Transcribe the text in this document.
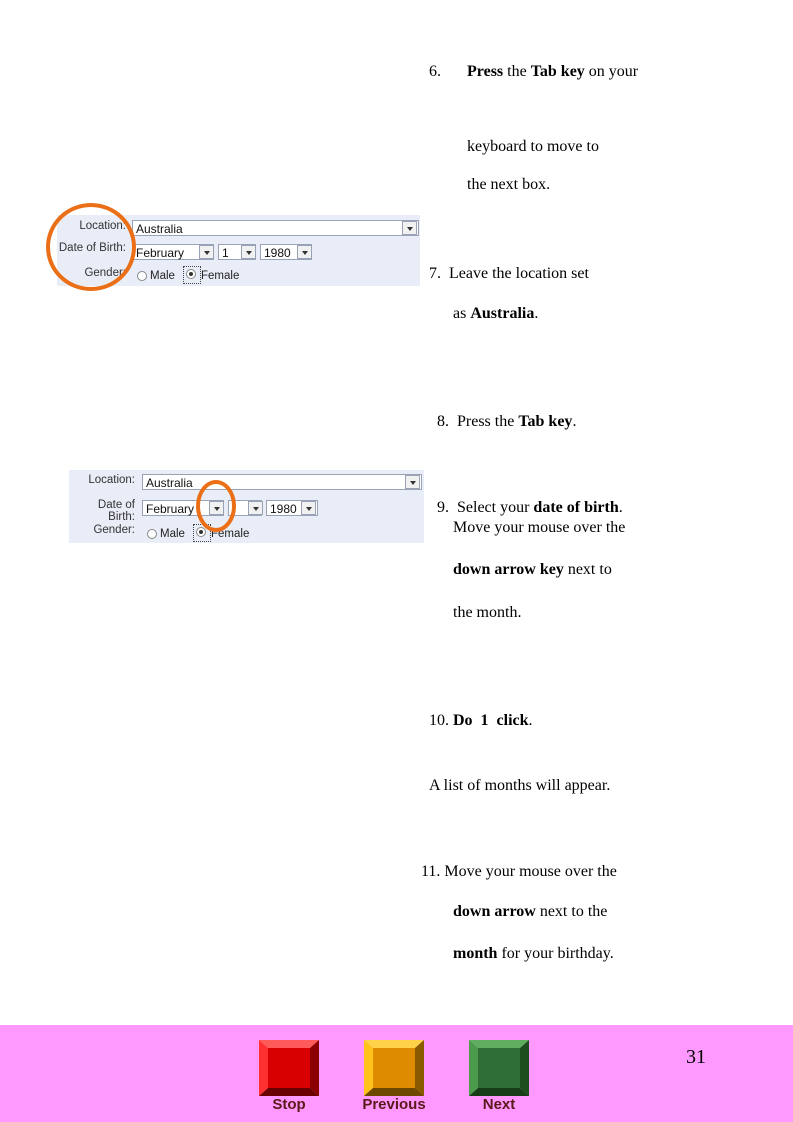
6. Press the Tab key on your
keyboard to move to
the next box.
7.  Leave the location set
as Australia.

8.  Press the Tab key.

9.  Select your date of birth.

Move your mouse over the
down arrow key next to
the month.

10. Do  1  click.

A list of months will appear.
11. Move your mouse over the
down arrow next to the
month for your birthday.
Location: Australia
Date of Birth: February	1	1980
Gender: Male Female
Location: Australia
Date of Birth:
February	1980
Gender: Male Female
Stop	Previous	Next
31
